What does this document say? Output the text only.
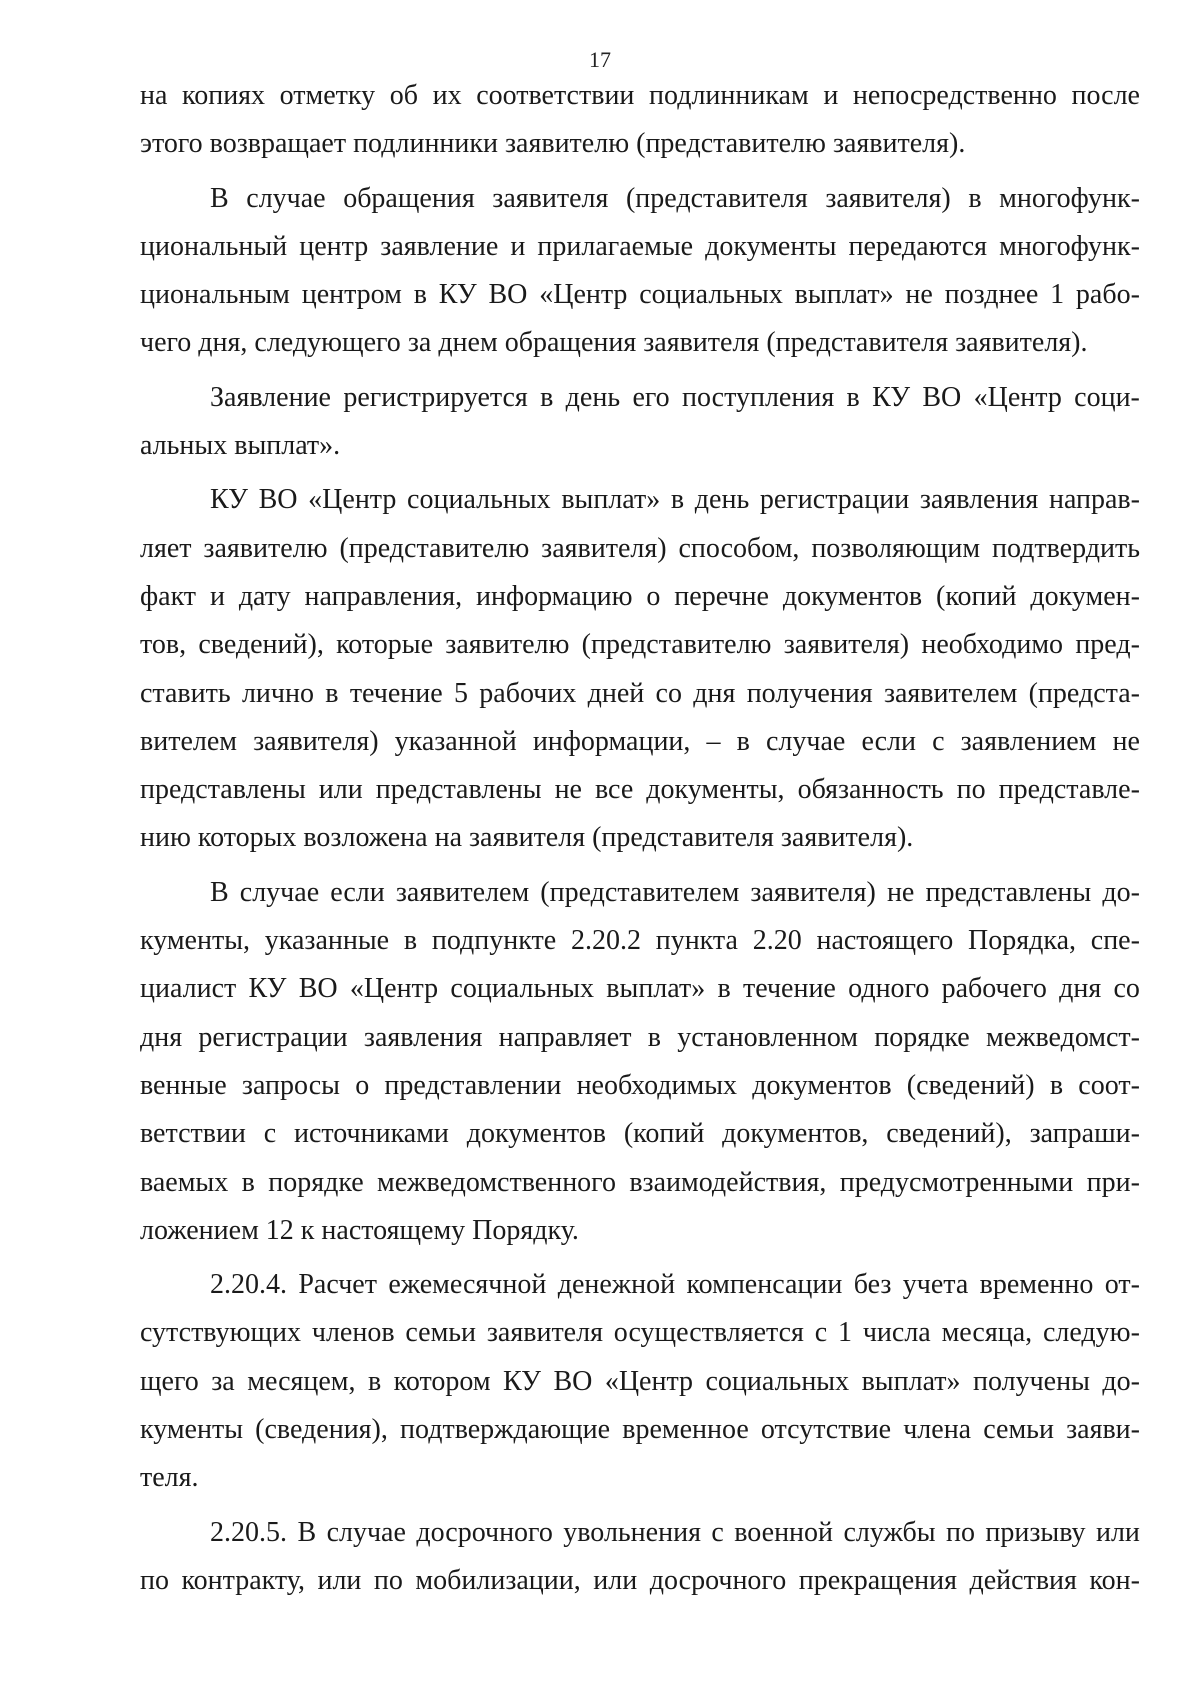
17
на копиях отметку об их соответствии подлинникам и непосредственно после
этого возвращает подлинники заявителю (представителю заявителя).
В случае обращения заявителя (представителя заявителя) в многофунк-
циональный центр заявление и прилагаемые документы передаются многофунк-
циональным центром в КУ ВО «Центр социальных выплат» не позднее 1 рабо-
чего дня, следующего за днем обращения заявителя (представителя заявителя).
Заявление регистрируется в день его поступления в КУ ВО «Центр соци-
альных выплат».
КУ ВО «Центр социальных выплат» в день регистрации заявления направ-
ляет заявителю (представителю заявителя) способом, позволяющим подтвердить
факт и дату направления, информацию о перечне документов (копий докумен-
тов, сведений), которые заявителю (представителю заявителя) необходимо пред-
ставить лично в течение 5 рабочих дней со дня получения заявителем (предста-
вителем заявителя) указанной информации, – в случае если с заявлением не
представлены или представлены не все документы, обязанность по представле-
нию которых возложена на заявителя (представителя заявителя).
В случае если заявителем (представителем заявителя) не представлены до-
кументы, указанные в подпункте 2.20.2 пункта 2.20 настоящего Порядка, спе-
циалист КУ ВО «Центр социальных выплат» в течение одного рабочего дня со
дня регистрации заявления направляет в установленном порядке межведомст-
венные запросы о представлении необходимых документов (сведений) в соот-
ветствии с источниками документов (копий документов, сведений), запраши-
ваемых в порядке межведомственного взаимодействия, предусмотренными при-
ложением 12 к настоящему Порядку.
2.20.4. Расчет ежемесячной денежной компенсации без учета временно от-
сутствующих членов семьи заявителя осуществляется с 1 числа месяца, следую-
щего за месяцем, в котором КУ ВО «Центр социальных выплат» получены до-
кументы (сведения), подтверждающие временное отсутствие члена семьи заяви-
теля.
2.20.5. В случае досрочного увольнения с военной службы по призыву или
по контракту, или по мобилизации, или досрочного прекращения действия кон-
